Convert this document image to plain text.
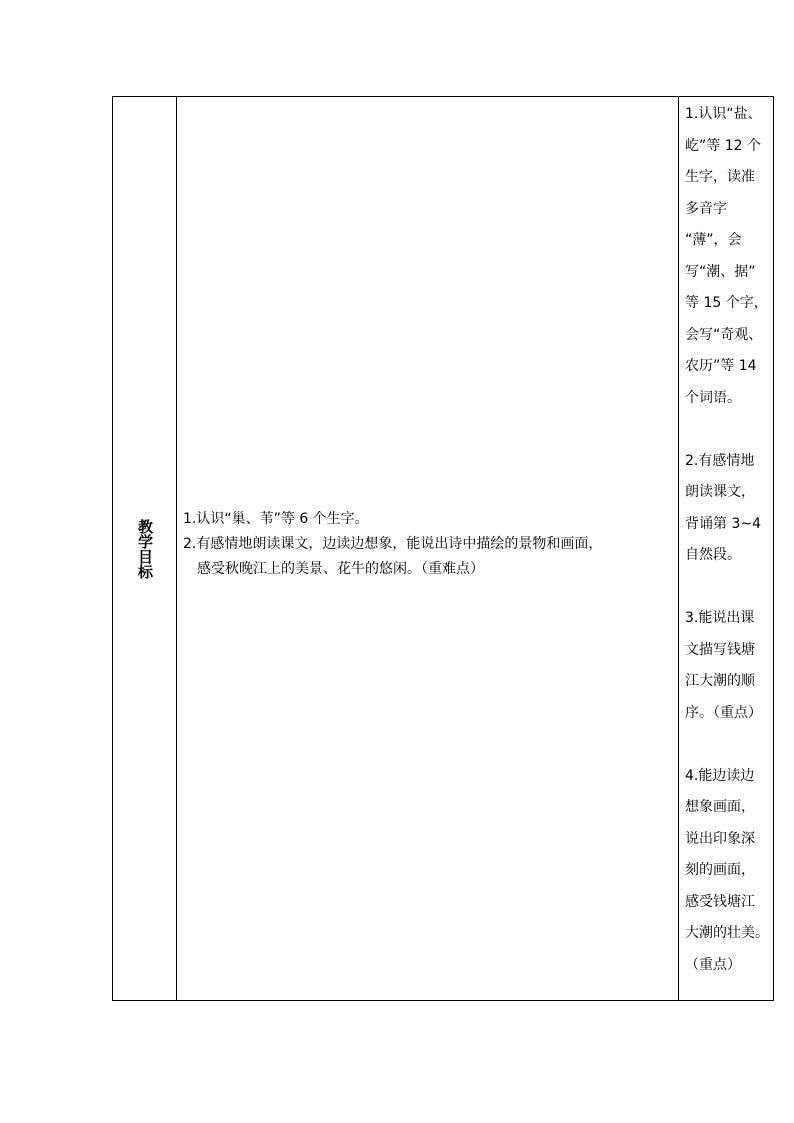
教学目标 1.认识“巢、苇”等 6 个生字。
2.有感情地朗读课文，边读边想象，能说出诗中描绘的景物和画面，
感受秋晚江上的美景、花牛的悠闲。（重难点）
1.认识“盐、
屹”等 12 个
生字，读准
多音字
“薄”，会
写“潮、据”
等 15 个字，
会写“奇观、
农历”等 14
个词语。
2.有感情地
朗读课文，
背诵第 3~4
自然段。
3.能说出课
文描写钱塘
江大潮的顺
序。（重点）
4.能边读边
想象画面，
说出印象深
刻的画面，
感受钱塘江
大潮的壮美。
（重点）
